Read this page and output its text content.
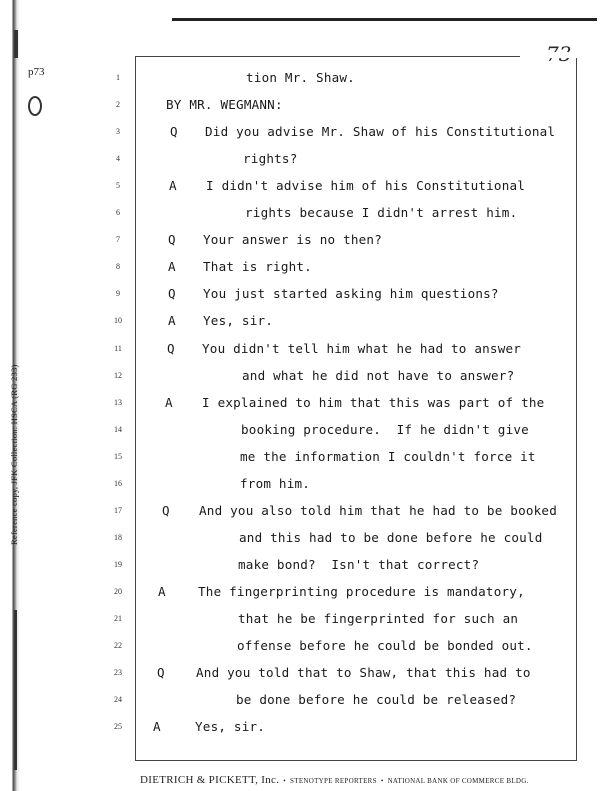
Reference copy, JFK Collection: HSCA (RG 233)
p73	1	tion Mr. Shaw.
2	BY MR. WEGMANN:
3	Q Did you advise Mr. Shaw of his Constitutional
4	rights?
5	A I didn't advise him of his Constitutional
6	rights because I didn't arrest him.
7	Q Your answer is no then?
8	A That is right.
9	Q You just started asking him questions?
10	A Yes, sir.
11	Q You didn't tell him what he had to answer
12	and what he did not have to answer?
13	A I explained to him that this was part of the
14	booking procedure.  If he didn't give
15	me the information I couldn't force it
16	from him.
17	Q And you also told him that he had to be booked
18	and this had to be done before he could
19	make bond?  Isn't that correct?
20	A	The fingerprinting procedure is mandatory,
21	that he be fingerprinted for such an
22	offense before he could be bonded out.
23	Q And you told that to Shaw, that this had to
24	be done before he could be released?
25	A	Yes, sir.
DIETRICH & PICKETT, Inc. • STENOTYPE REPORTERS • NATIONAL BANK OF COMMERCE BLDG.
